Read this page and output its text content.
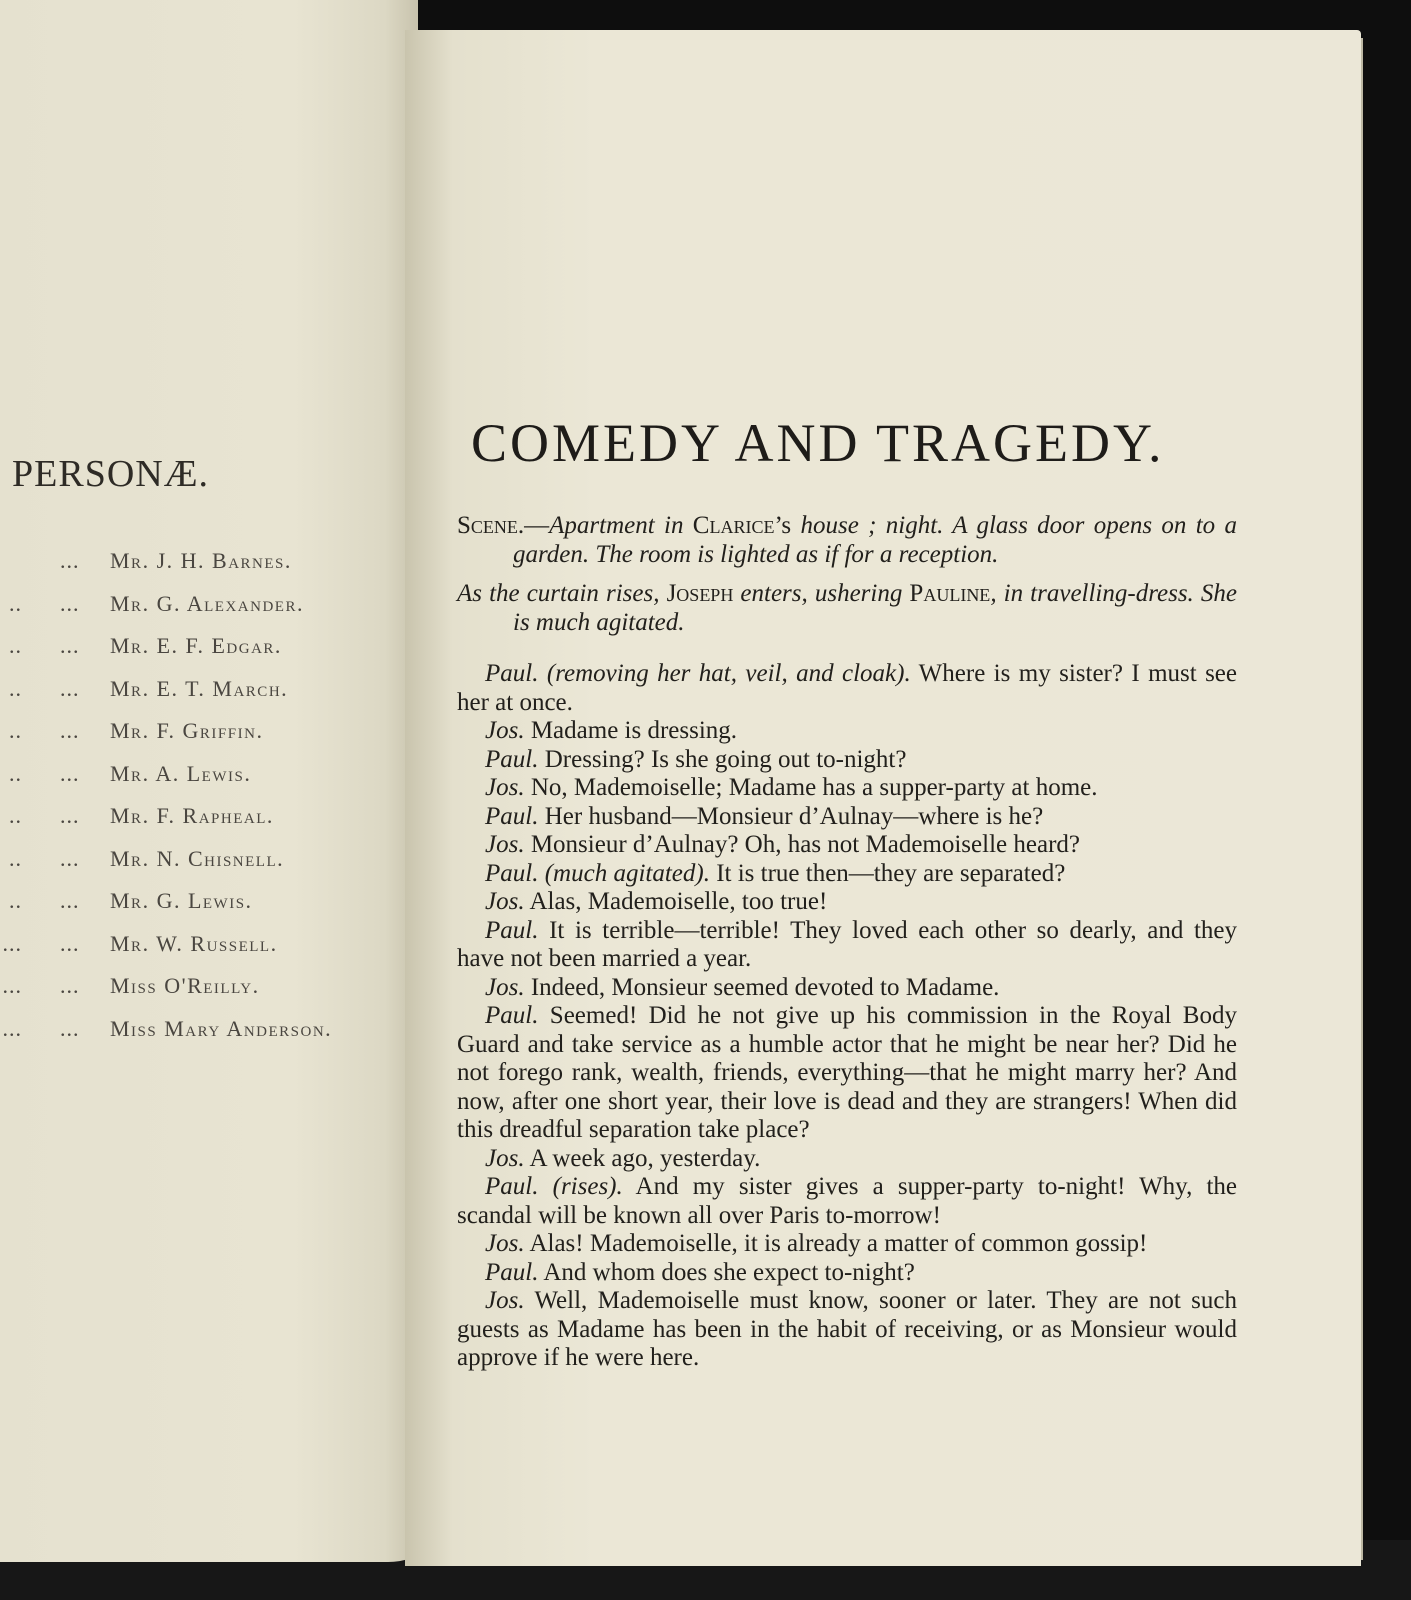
PERSONÆ.
...	Mr. J. H. Barnes.
.. ...	Mr. G. Alexander.
.. ...	Mr. E. F. Edgar.
.. ...	Mr. E. T. March.
.. ...	Mr. F. Griffin.
.. ...	Mr. A. Lewis.
.. ...	Mr. F. Rapheal.
.. ...	Mr. N. Chisnell.
.. ...	Mr. G. Lewis.
... ...	Mr. W. Russell.
... ...	Miss O'Reilly.
... ...	Miss Mary Anderson.

COMEDY AND TRAGEDY.

Scene.—Apartment in Clarice’s house ; night. A glass door opens on to a garden. The room is lighted as if for a reception.

As the curtain rises, Joseph enters, ushering Pauline, in travelling-dress. She is much agitated.

Paul. (removing her hat, veil, and cloak). Where is my sister? I must see her at once.

Jos. Madame is dressing.

Paul. Dressing? Is she going out to-night?

Jos. No, Mademoiselle; Madame has a supper-party at home.

Paul. Her husband—Monsieur d’Aulnay—where is he?

Jos. Monsieur d’Aulnay? Oh, has not Mademoiselle heard?

Paul. (much agitated). It is true then—they are separated?

Jos. Alas, Mademoiselle, too true!

Paul. It is terrible—terrible! They loved each other so dearly, and they have not been married a year.

Jos. Indeed, Monsieur seemed devoted to Madame.

Paul. Seemed! Did he not give up his commission in the Royal Body Guard and take service as a humble actor that he might be near her? Did he not forego rank, wealth, friends, everything—that he might marry her? And now, after one short year, their love is dead and they are strangers! When did this dreadful separation take place?

Jos. A week ago, yesterday.

Paul. (rises). And my sister gives a supper-party to-night! Why, the scandal will be known all over Paris to-morrow!

Jos. Alas! Mademoiselle, it is already a matter of common gossip!

Paul. And whom does she expect to-night?

Jos. Well, Mademoiselle must know, sooner or later. They are not such guests as Madame has been in the habit of receiving, or as Monsieur would approve if he were here.
